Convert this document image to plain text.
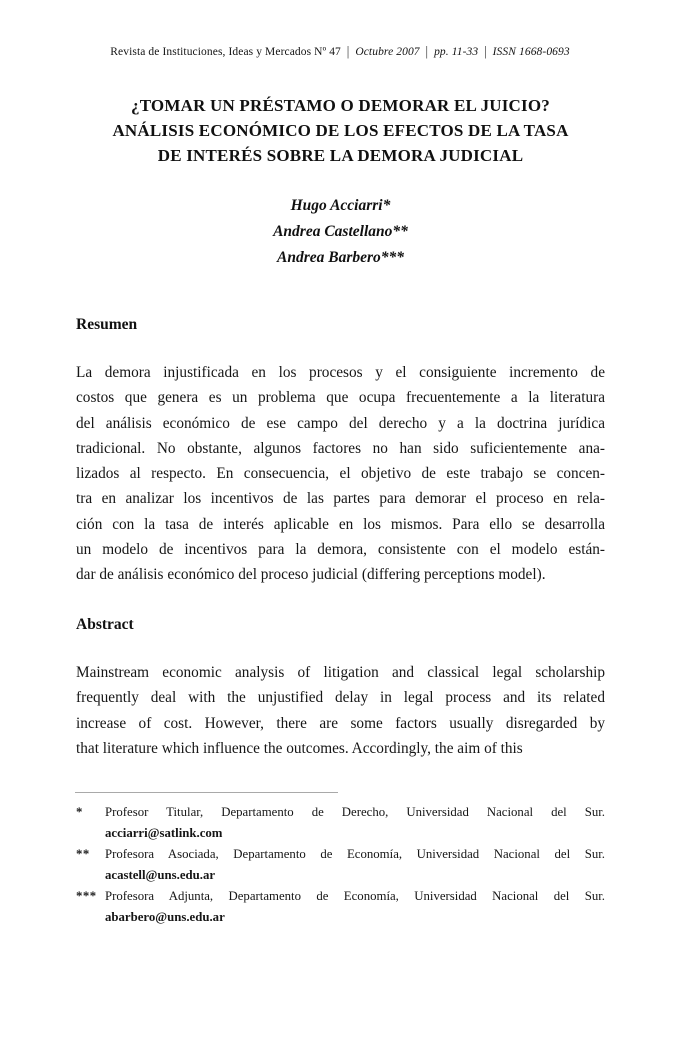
Revista de Instituciones, Ideas y Mercados Nº 47 | Octubre 2007 | pp. 11-33 | ISSN 1668-0693
¿TOMAR UN PRÉSTAMO O DEMORAR EL JUICIO?
ANÁLISIS ECONÓMICO DE LOS EFECTOS DE LA TASA
DE INTERÉS SOBRE LA DEMORA JUDICIAL
Hugo Acciarri*
Andrea Castellano**
Andrea Barbero***
Resumen
La demora injustificada en los procesos y el consiguiente incremento de
costos que genera es un problema que ocupa frecuentemente a la literatura
del análisis económico de ese campo del derecho y a la doctrina jurídica
tradicional. No obstante, algunos factores no han sido suficientemente ana-
lizados al respecto. En consecuencia, el objetivo de este trabajo se concen-
tra en analizar los incentivos de las partes para demorar el proceso en rela-
ción con la tasa de interés aplicable en los mismos. Para ello se desarrolla
un modelo de incentivos para la demora, consistente con el modelo están-
dar de análisis económico del proceso judicial (differing perceptions model).
Abstract
Mainstream economic analysis of litigation and classical legal scholarship
frequently deal with the unjustified delay in legal process and its related
increase of cost. However, there are some factors usually disregarded by
that literature which influence the outcomes. Accordingly, the aim of this
*	Profesor Titular, Departamento de Derecho, Universidad Nacional del Sur.
acciarri@satlink.com
**	Profesora Asociada, Departamento de Economía, Universidad Nacional del Sur.
acastell@uns.edu.ar
*** Profesora Adjunta, Departamento de Economía, Universidad Nacional del Sur.
abarbero@uns.edu.ar
